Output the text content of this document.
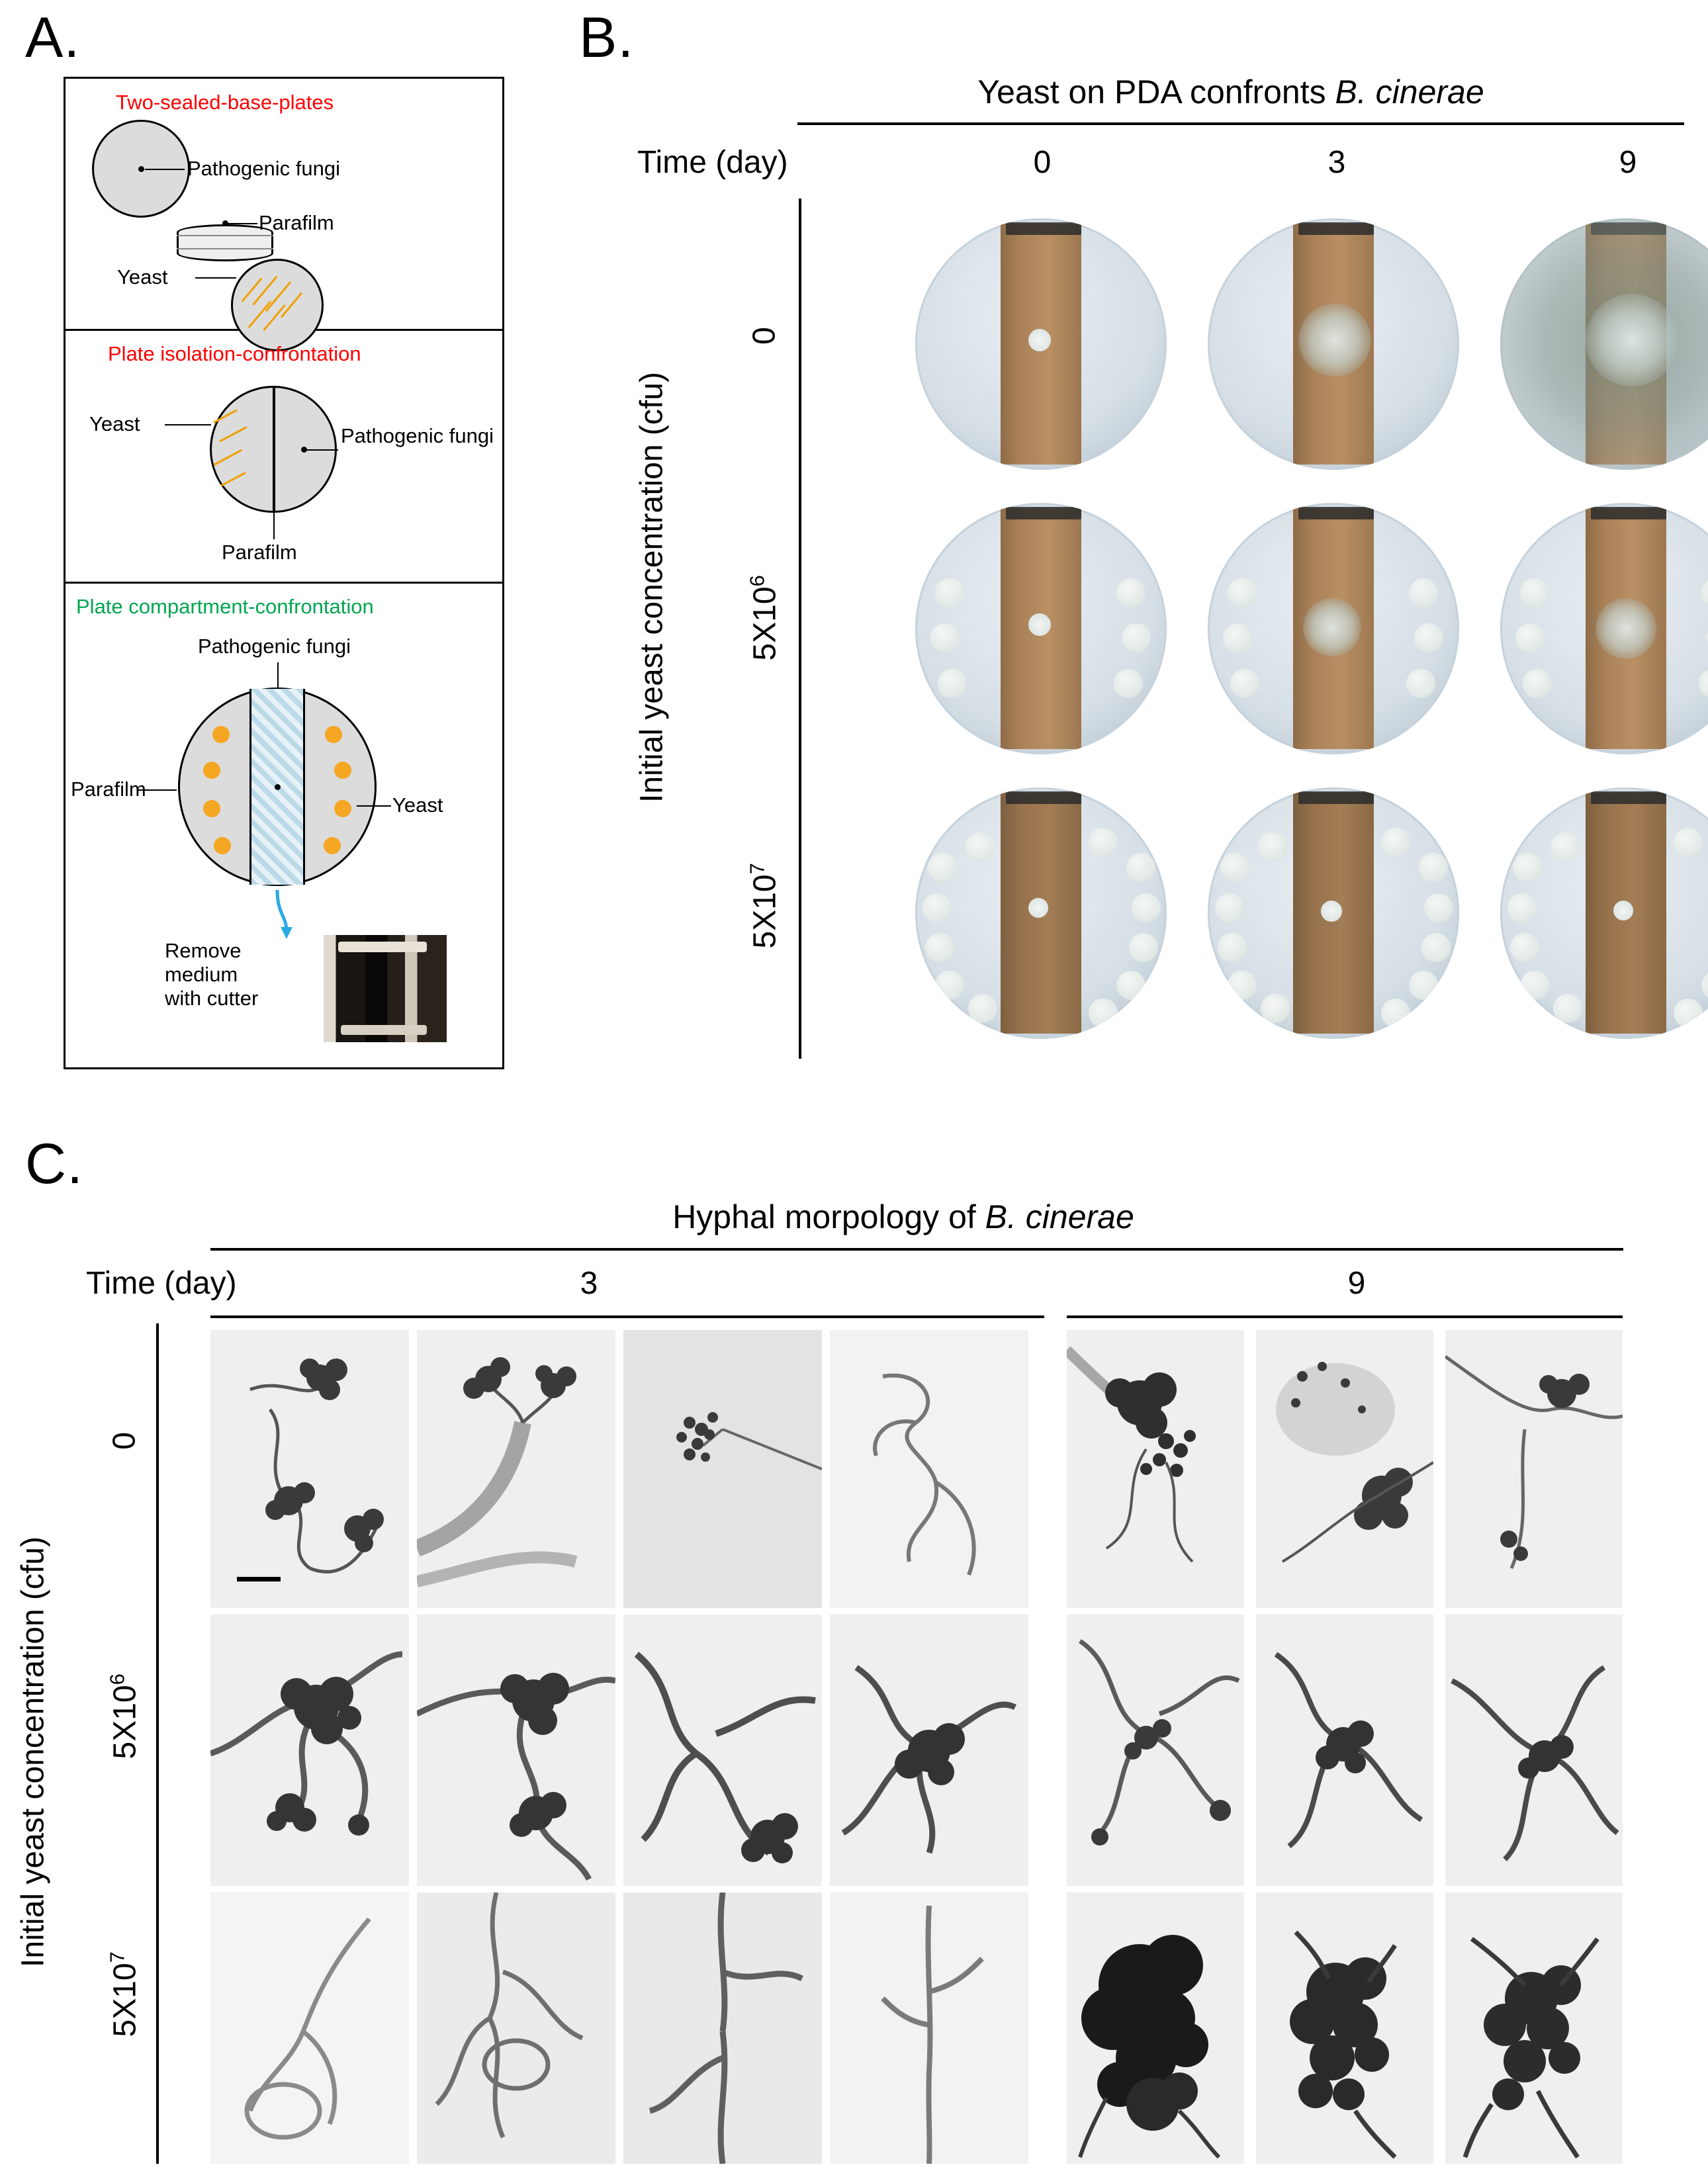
A.
Two-sealed-base-plates
Pathogenic fungi
Parafilm
Yeast
Plate isolation-confrontation
Yeast
Pathogenic fungi
Parafilm
Plate compartment-confrontation
Pathogenic fungi
Parafilm
Yeast
Remove
medium
with cutter
B.
Yeast on PDA confronts B. cinerae
Time (day)	0	3	9
Initial yeast concentration (cfu)
0
$5X10^6$
$5X10^7$
C.
Hyphal morpology of B. cinerae
Time (day)	3	9
Initial yeast concentration (cfu)
0
$5X10^6$
$5X10^7$
